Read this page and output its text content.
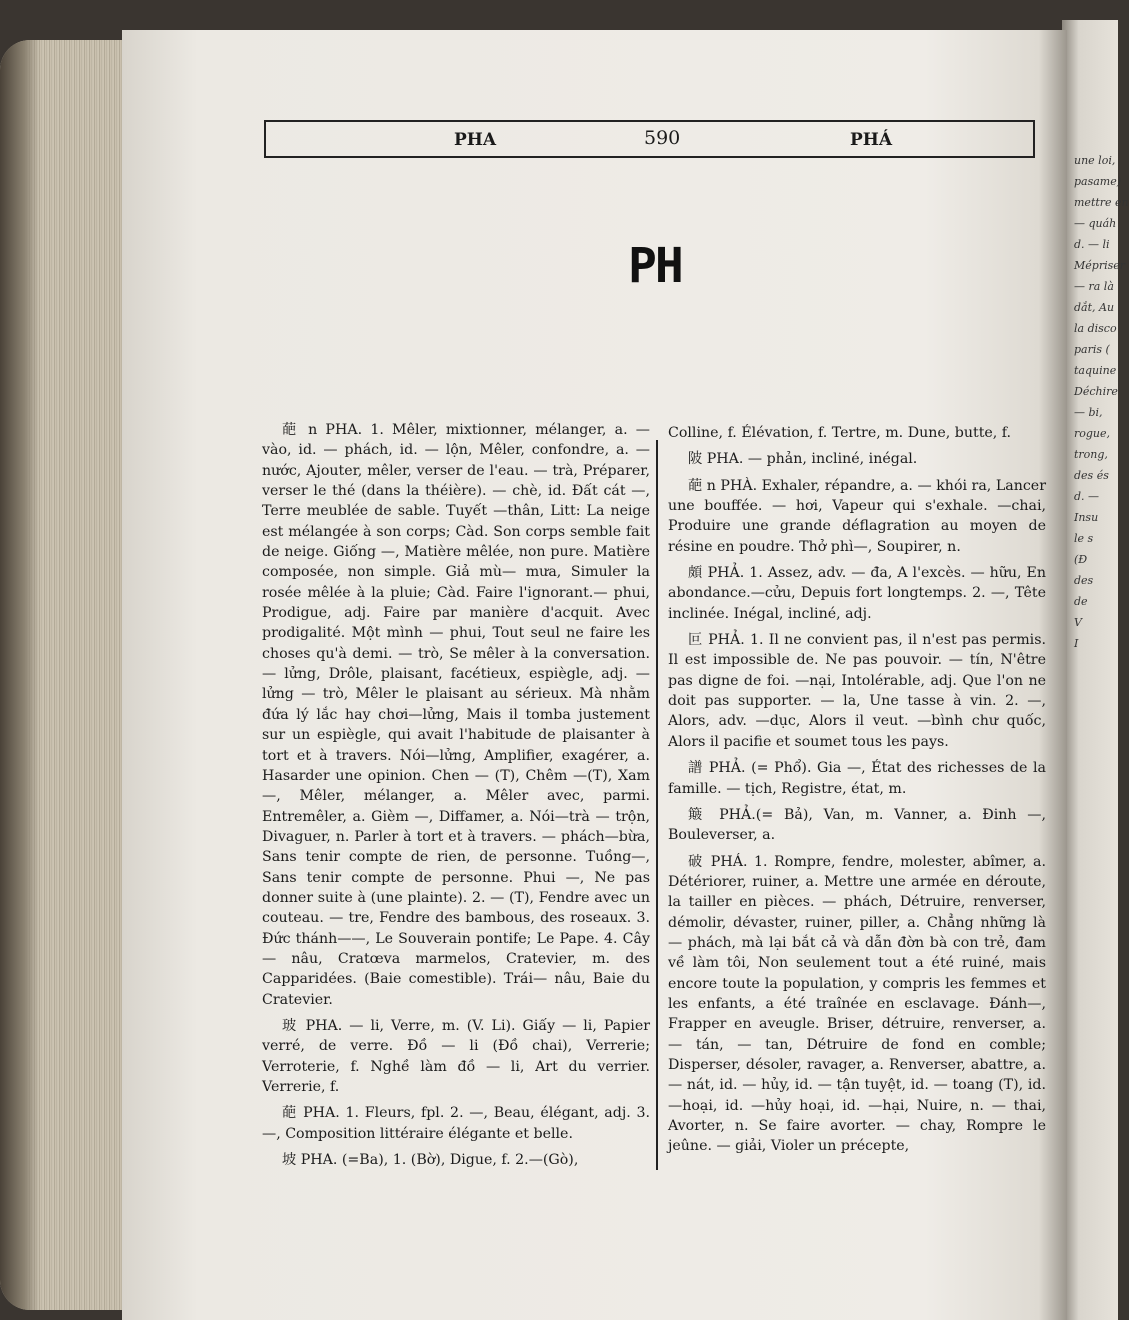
une loi,
pasame)
mettre en
— quáh
d. — li
Mépriser
— ra là
dắt, Au
la disco
paris (
taquine
Déchire
— bi,
rogue,
trong,
des és
d. —
Insu
le s
(Đ
des
de
V
I
PHA	590	PHÁ
PH

葩 n PHA. 1. Mêler, mixtionner, mélanger, a. — vào, id. — phách, id. — lộn, Mêler, confondre, a. — nước, Ajouter, mêler, verser de l'eau. — trà, Préparer, verser le thé (dans la théière). — chè, id. Đất cát —, Terre meublée de sable. Tuyết —thân, Litt: La neige est mélangée à son corps; Càd. Son corps semble fait de neige. Giống —, Matière mêlée, non pure. Matière composée, non simple. Giả mù— mưa, Simuler la rosée mêlée à la pluie; Càd. Faire l'ignorant.— phui, Prodigue, adj. Faire par manière d'acquit. Avec prodigalité. Một mình — phui, Tout seul ne faire les choses qu'à demi. — trò, Se mêler à la conversation. — lửng, Drôle, plaisant, facétieux, espiègle, adj. — lửng — trò, Mêler le plaisant au sérieux. Mà nhằm đứa lý lắc hay chơi—lửng, Mais il tomba justement sur un espiègle, qui avait l'habitude de plaisanter à tort et à travers. Nói—lửng, Amplifier, exagérer, a. Hasarder une opinion. Chen — (T), Chêm —(T), Xam —, Mêler, mélanger, a. Mêler avec, parmi. Entremêler, a. Gièm —, Diffamer, a. Nói—trà — trộn, Divaguer, n. Parler à tort et à travers. — phách—bừa, Sans tenir compte de rien, de personne. Tuồng—, Sans tenir compte de personne. Phui —, Ne pas donner suite à (une plainte). 2. — (T), Fendre avec un couteau. — tre, Fendre des bambous, des roseaux. 3. Đức thánh——, Le Souverain pontife; Le Pape. 4. Cây — nâu, Cratœva marmelos, Cratevier, m. des Capparidées. (Baie comestible). Trái— nâu, Baie du Cratevier.

玻 PHA. — li, Verre, m. (V. Li). Giấy — li, Papier verré, de verre. Đồ — li (Đồ chai), Verrerie; Verroterie, f. Nghề làm đồ — li, Art du verrier. Verrerie, f.

葩 PHA. 1. Fleurs, fpl. 2. —, Beau, élégant, adj. 3. —, Composition littéraire élégante et belle.

坡 PHA. (=Ba), 1. (Bờ), Digue, f. 2.—(Gò),

Colline, f. Élévation, f. Tertre, m. Dune, butte, f.

陂 PHA. — phản, incliné, inégal.

葩 n PHÀ. Exhaler, répandre, a. — khói ra, Lancer une bouffée. — hơi, Vapeur qui s'exhale. —chai, Produire une grande déflagration au moyen de résine en poudre. Thở phì—, Soupirer, n.

頗 PHẢ. 1. Assez, adv. — đa, A l'excès. — hữu, En abondance.—cửu, Depuis fort longtemps. 2. —, Tête inclinée. Inégal, incliné, adj.

叵 PHẢ. 1. Il ne convient pas, il n'est pas permis. Il est impossible de. Ne pas pouvoir. — tín, N'être pas digne de foi. —nại, Intolérable, adj. Que l'on ne doit pas supporter. — la, Une tasse à vin. 2. —, Alors, adv. —dục, Alors il veut. —bình chư quốc, Alors il pacifie et soumet tous les pays.

譜 PHẢ. (= Phổ). Gia —, État des richesses de la famille. — tịch, Registre, état, m.

簸 PHẢ.(= Bả), Van, m. Vanner, a. Đinh —, Bouleverser, a.

破 PHÁ. 1. Rompre, fendre, molester, abîmer, a. Détériorer, ruiner, a. Mettre une armée en déroute, la tailler en pièces. — phách, Détruire, renverser, démolir, dévaster, ruiner, piller, a. Chẳng những là — phách, mà lại bắt cả và dẫn đờn bà con trẻ, đam về làm tôi, Non seulement tout a été ruiné, mais encore toute la population, y compris les femmes et les enfants, a été traînée en esclavage. Đánh—, Frapper en aveugle. Briser, détruire, renverser, a. — tán, — tan, Détruire de fond en comble; Disperser, désoler, ravager, a. Renverser, abattre, a. — nát, id. — hủy, id. — tận tuyệt, id. — toang (T), id. —hoại, id. —hủy hoại, id. —hại, Nuire, n. — thai, Avorter, n. Se faire avorter. — chay, Rompre le jeûne. — giải, Violer un précepte,
